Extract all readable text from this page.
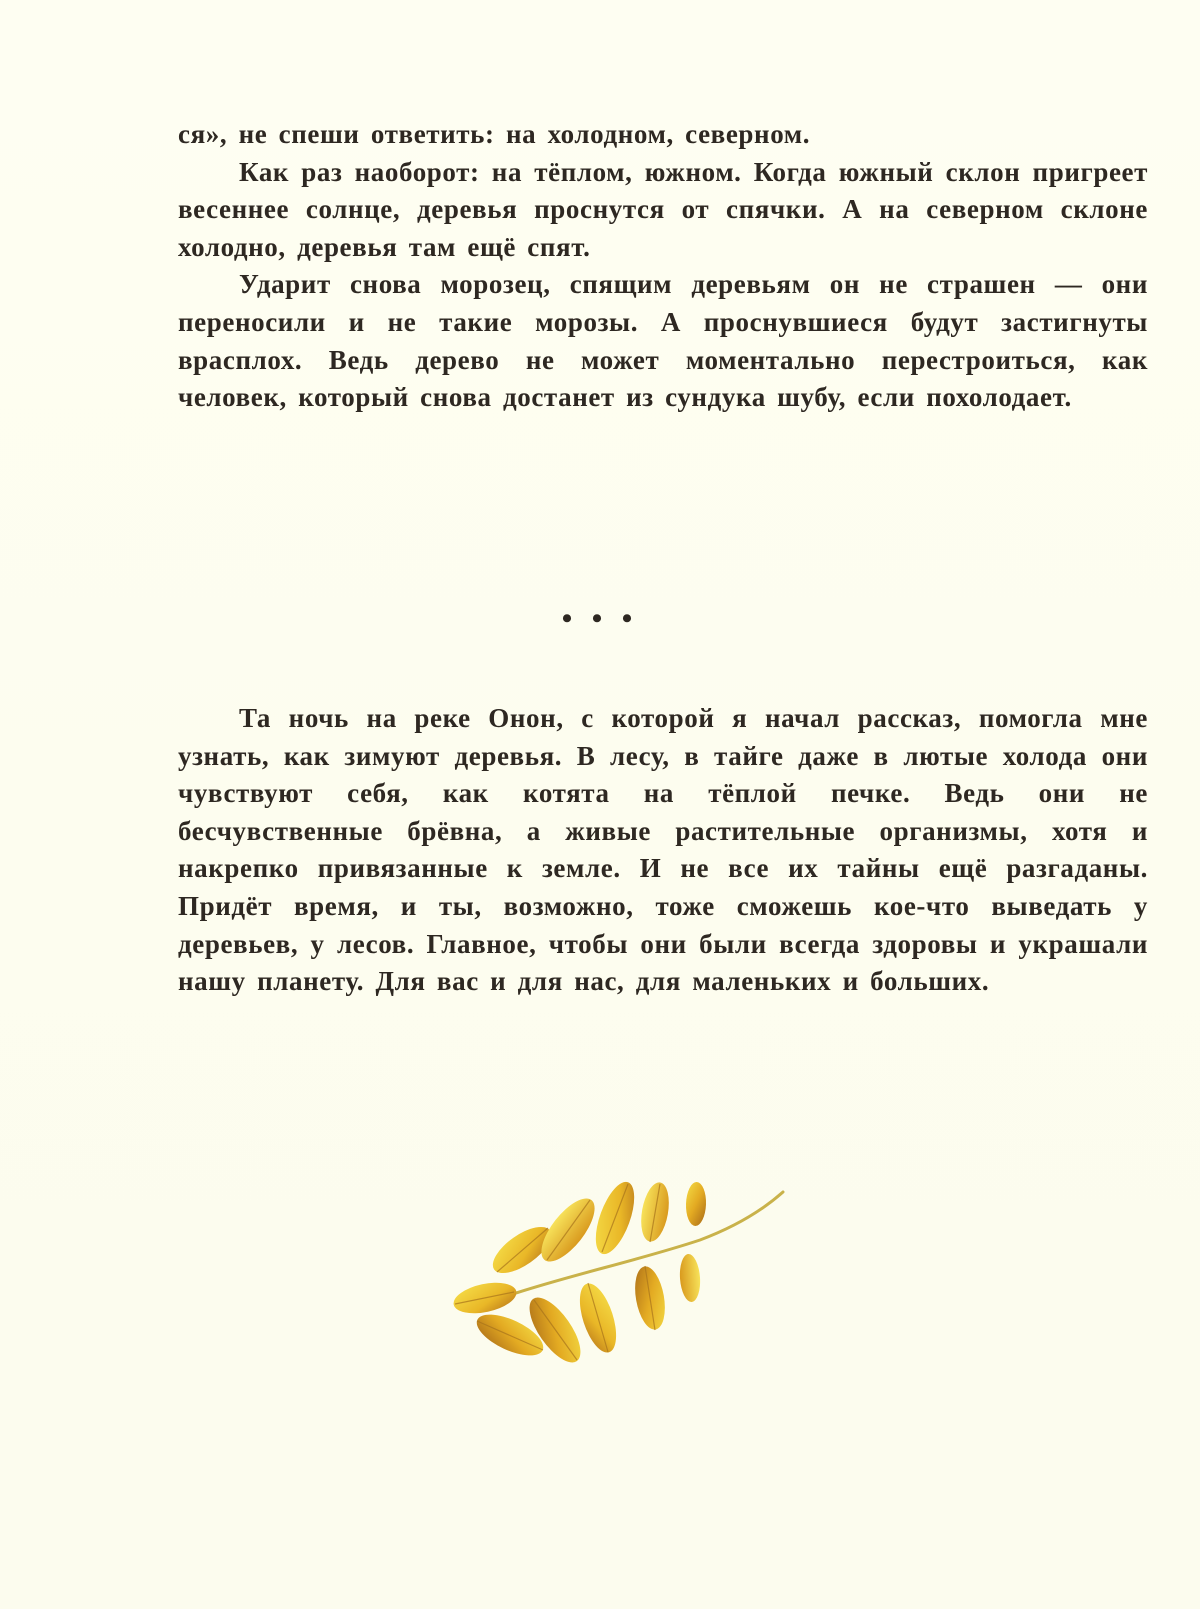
ся», не спеши ответить: на холодном, северном.

Как раз наоборот: на тёплом, южном. Когда южный склон пригреет весеннее солнце, деревья проснутся от спячки. А на северном склоне холодно, деревья там ещё спят.

Ударит снова морозец, спящим деревьям он не страшен — они переносили и не такие морозы. А проснувшиеся будут застигнуты врасплох. Ведь дерево не может моментально перестроиться, как человек, который снова достанет из сундука шубу, если похолодает.

• • •

Та ночь на реке Онон, с которой я начал рассказ, помогла мне узнать, как зимуют деревья. В лесу, в тайге даже в лютые холода они чувствуют себя, как котята на тёплой печке. Ведь они не бесчувственные брёвна, а живые растительные организмы, хотя и накрепко привязанные к земле. И не все их тайны ещё разгаданы. Придёт время, и ты, возможно, тоже сможешь кое-что выведать у деревьев, у лесов. Главное, чтобы они были всегда здоровы и украшали нашу планету. Для вас и для нас, для маленьких и больших.
